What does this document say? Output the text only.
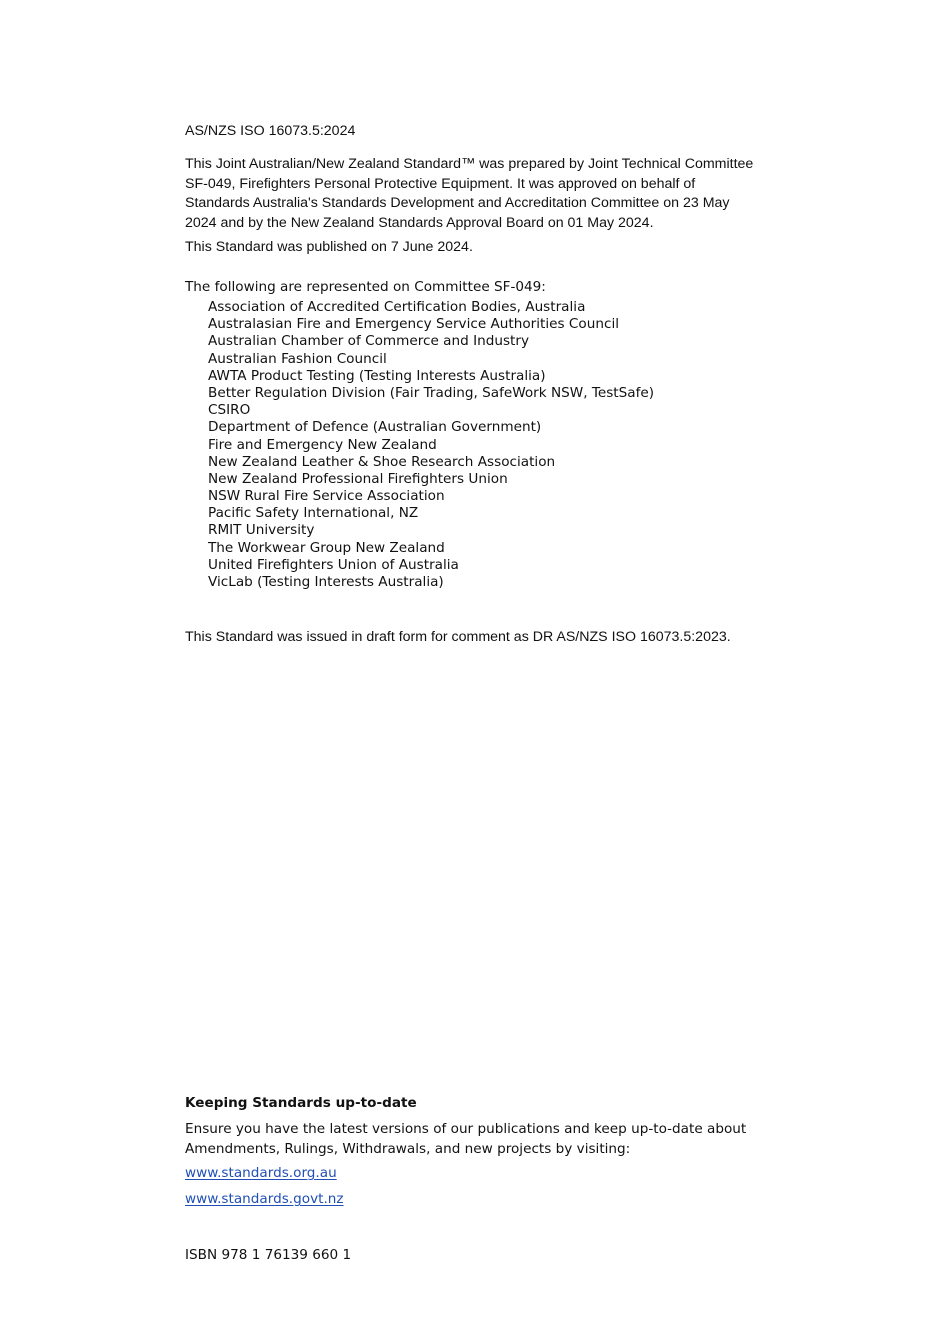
AS/NZS ISO 16073.5:2024

This Joint Australian/New Zealand Standard™ was prepared by Joint Technical Committee
SF-049, Firefighters Personal Protective Equipment. It was approved on behalf of
Standards Australia's Standards Development and Accreditation Committee on 23 May
2024 and by the New Zealand Standards Approval Board on 01 May 2024.

This Standard was published on 7 June 2024.

The following are represented on Committee SF-049:

Association of Accredited Certification Bodies, Australia
Australasian Fire and Emergency Service Authorities Council
Australian Chamber of Commerce and Industry
Australian Fashion Council
AWTA Product Testing (Testing Interests Australia)
Better Regulation Division (Fair Trading, SafeWork NSW, TestSafe)
CSIRO
Department of Defence (Australian Government)
Fire and Emergency New Zealand
New Zealand Leather & Shoe Research Association
New Zealand Professional Firefighters Union
NSW Rural Fire Service Association
Pacific Safety International, NZ
RMIT University
The Workwear Group New Zealand
United Firefighters Union of Australia
VicLab (Testing Interests Australia)

This Standard was issued in draft form for comment as DR AS/NZS ISO 16073.5:2023.

Keeping Standards up-to-date

Ensure you have the latest versions of our publications and keep up-to-date about
Amendments, Rulings, Withdrawals, and new projects by visiting:
www.standards.org.au
www.standards.govt.nz

ISBN 978 1 76139 660 1
